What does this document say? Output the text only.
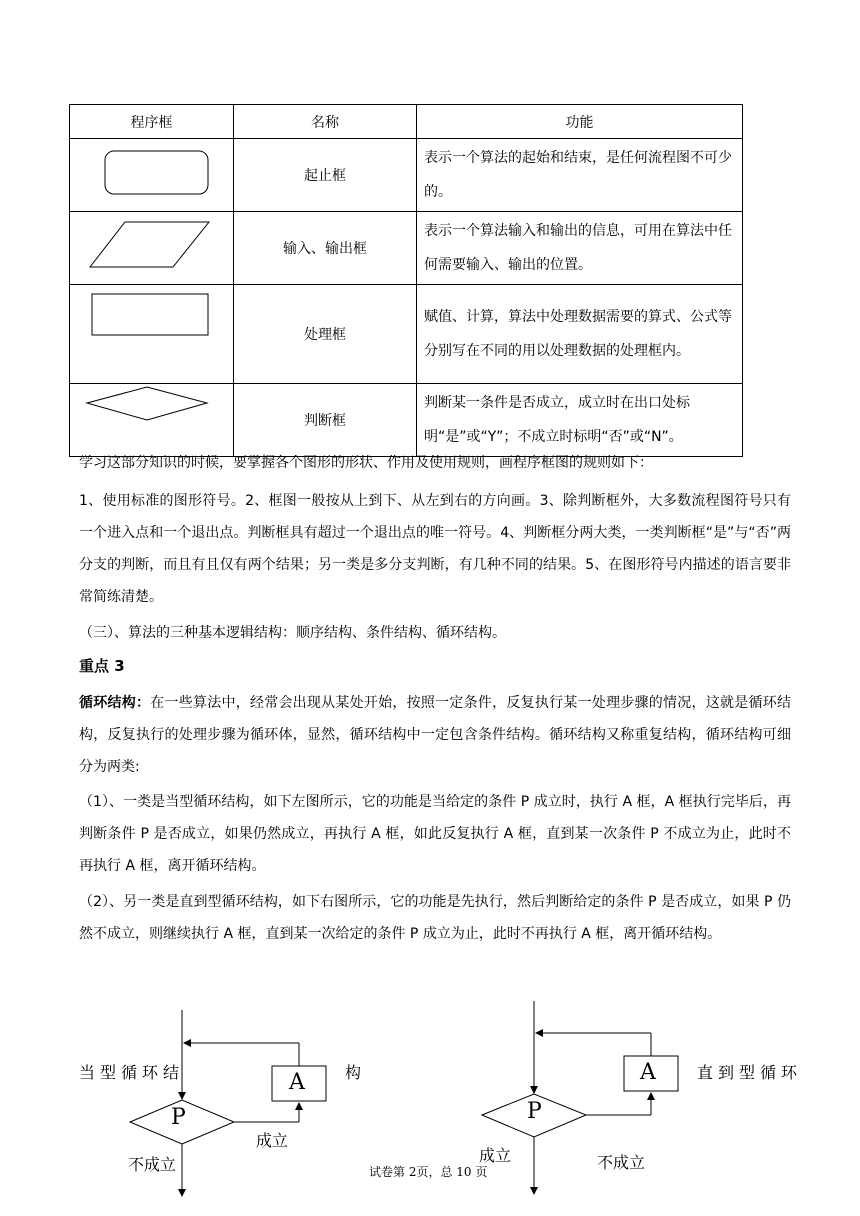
程序框	名称	功能

	起止框	表示一个算法的起始和结束，是任何流程图不可少的。

	输入、输出框	表示一个算法输入和输出的信息，可用在算法中任何需要输入、输出的位置。

	处理框	赋值、计算，算法中处理数据需要的算式、公式等分别写在不同的用以处理数据的处理框内。

	判断框	判断某一条件是否成立，成立时在出口处标明“是”或“Y”；不成立时标明“否”或“N”。
学习这部分知识的时候，要掌握各个图形的形状、作用及使用规则，画程序框图的规则如下：
1、使用标准的图形符号。2、框图一般按从上到下、从左到右的方向画。3、除判断框外，大多数流程图符号只有一个进入点和一个退出点。判断框具有超过一个退出点的唯一符号。4、判断框分两大类，一类判断框“是”与“否”两分支的判断，而且有且仅有两个结果；另一类是多分支判断，有几种不同的结果。5、在图形符号内描述的语言要非常简练清楚。
（三）、算法的三种基本逻辑结构：顺序结构、条件结构、循环结构。
重点 3
循环结构：在一些算法中，经常会出现从某处开始，按照一定条件，反复执行某一处理步骤的情况，这就是循环结构，反复执行的处理步骤为循环体，显然，循环结构中一定包含条件结构。循环结构又称重复结构，循环结构可细分为两类:
（1）、一类是当型循环结构，如下左图所示，它的功能是当给定的条件 P 成立时，执行 A 框，A 框执行完毕后，再判断条件 P 是否成立，如果仍然成立，再执行 A 框，如此反复执行 A 框，直到某一次条件 P 不成立为止，此时不再执行 A 框，离开循环结构。
（2）、另一类是直到型循环结构，如下右图所示，它的功能是先执行，然后判断给定的条件 P 是否成立，如果 P 仍然不成立，则继续执行 A 框，直到某一次给定的条件 P 成立为止，此时不再执行 A 框，离开循环结构。
当型循环结	构
A
P
成立
不成立
直到型循环
A
P
成立	不成立
试卷第 2页，总 10 页
